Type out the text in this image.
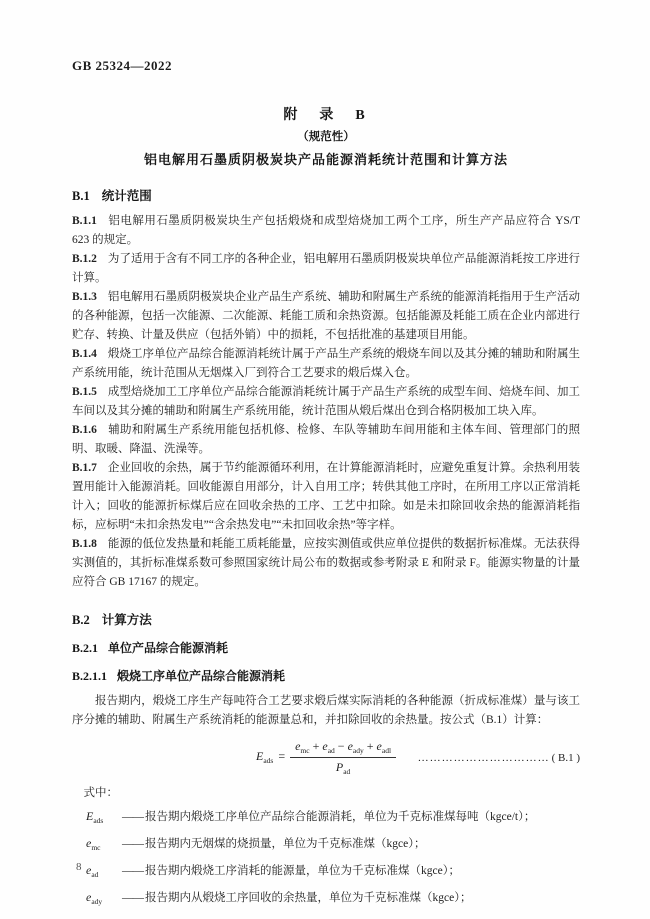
GB 25324—2022
附　录　B
（规范性）
铝电解用石墨质阴极炭块产品能源消耗统计范围和计算方法
B.1 统计范围

B.1.1 铝电解用石墨质阴极炭块生产包括煅烧和成型焙烧加工两个工序，所生产产品应符合 YS/T 623 的规定。

B.1.2 为了适用于含有不同工序的各种企业，铝电解用石墨质阴极炭块单位产品能源消耗按工序进行计算。

B.1.3 铝电解用石墨质阴极炭块企业产品生产系统、辅助和附属生产系统的能源消耗指用于生产活动的各种能源，包括一次能源、二次能源、耗能工质和余热资源。包括能源及耗能工质在企业内部进行贮存、转换、计量及供应（包括外销）中的损耗，不包括批准的基建项目用能。

B.1.4 煅烧工序单位产品综合能源消耗统计属于产品生产系统的煅烧车间以及其分摊的辅助和附属生产系统用能，统计范围从无烟煤入厂到符合工艺要求的煅后煤入仓。

B.1.5 成型焙烧加工工序单位产品综合能源消耗统计属于产品生产系统的成型车间、焙烧车间、加工车间以及其分摊的辅助和附属生产系统用能，统计范围从煅后煤出仓到合格阴极加工块入库。

B.1.6 辅助和附属生产系统用能包括机修、检修、车队等辅助车间用能和主体车间、管理部门的照明、取暖、降温、洗澡等。

B.1.7 企业回收的余热，属于节约能源循环利用，在计算能源消耗时，应避免重复计算。余热利用装置用能计入能源消耗。回收能源自用部分，计入自用工序；转供其他工序时，在所用工序以正常消耗计入；回收的能源折标煤后应在回收余热的工序、工艺中扣除。如是未扣除回收余热的能源消耗指标，应标明“未扣余热发电”“含余热发电”“未扣回收余热”等字样。

B.1.8 能源的低位发热量和耗能工质耗能量，应按实测值或供应单位提供的数据折标准煤。无法获得实测值的，其折标准煤系数可参照国家统计局公布的数据或参考附录 E 和附录 F。能源实物量的计量应符合 GB 17167 的规定。

B.2 计算方法
B.2.1 单位产品综合能源消耗
B.2.1.1 煅烧工序单位产品综合能源消耗

报告期内，煅烧工序生产每吨符合工艺要求煅后煤实际消耗的各种能源（折成标准煤）量与该工序分摊的辅助、附属生产系统消耗的能源量总和，并扣除回收的余热量。按公式（B.1）计算：

$E_{ads} = \frac{e_{mc} + e_{ad} - e_{ady} + e_{adl}}{P_{ad}}$ …………………………… ( B.1 )

式中：

$E_{ads}$	—— 报告期内煅烧工序单位产品综合能源消耗，单位为千克标准煤每吨（kgce/t）；
$e_{mc}$	—— 报告期内无烟煤的烧损量，单位为千克标准煤（kgce）；
$e_{ad}$	—— 报告期内煅烧工序消耗的能源量，单位为千克标准煤（kgce）；
$e_{ady}$	—— 报告期内从煅烧工序回收的余热量，单位为千克标准煤（kgce）；
8
